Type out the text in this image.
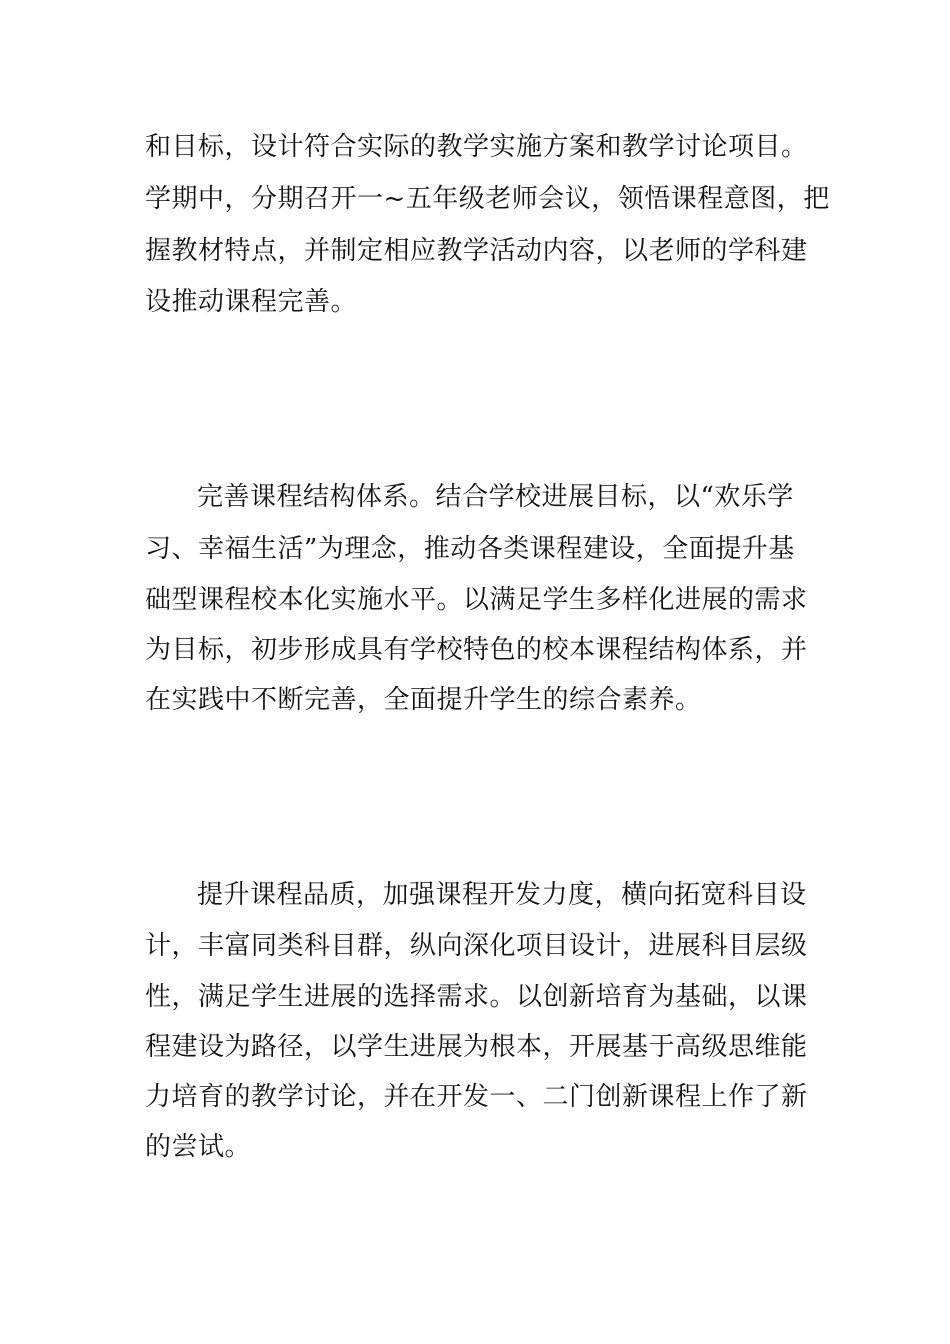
和目标，设计符合实际的教学实施方案和教学讨论项目。
学期中，分期召开一~五年级老师会议，领悟课程意图，把
握教材特点，并制定相应教学活动内容，以老师的学科建
设推动课程完善。
完善课程结构体系。结合学校进展目标，以“欢乐学
习、幸福生活”为理念，推动各类课程建设，全面提升基
础型课程校本化实施水平。以满足学生多样化进展的需求
为目标，初步形成具有学校特色的校本课程结构体系，并
在实践中不断完善，全面提升学生的综合素养。
提升课程品质，加强课程开发力度，横向拓宽科目设
计，丰富同类科目群，纵向深化项目设计，进展科目层级
性，满足学生进展的选择需求。以创新培育为基础，以课
程建设为路径，以学生进展为根本，开展基于高级思维能
力培育的教学讨论，并在开发一、二门创新课程上作了新
的尝试。
